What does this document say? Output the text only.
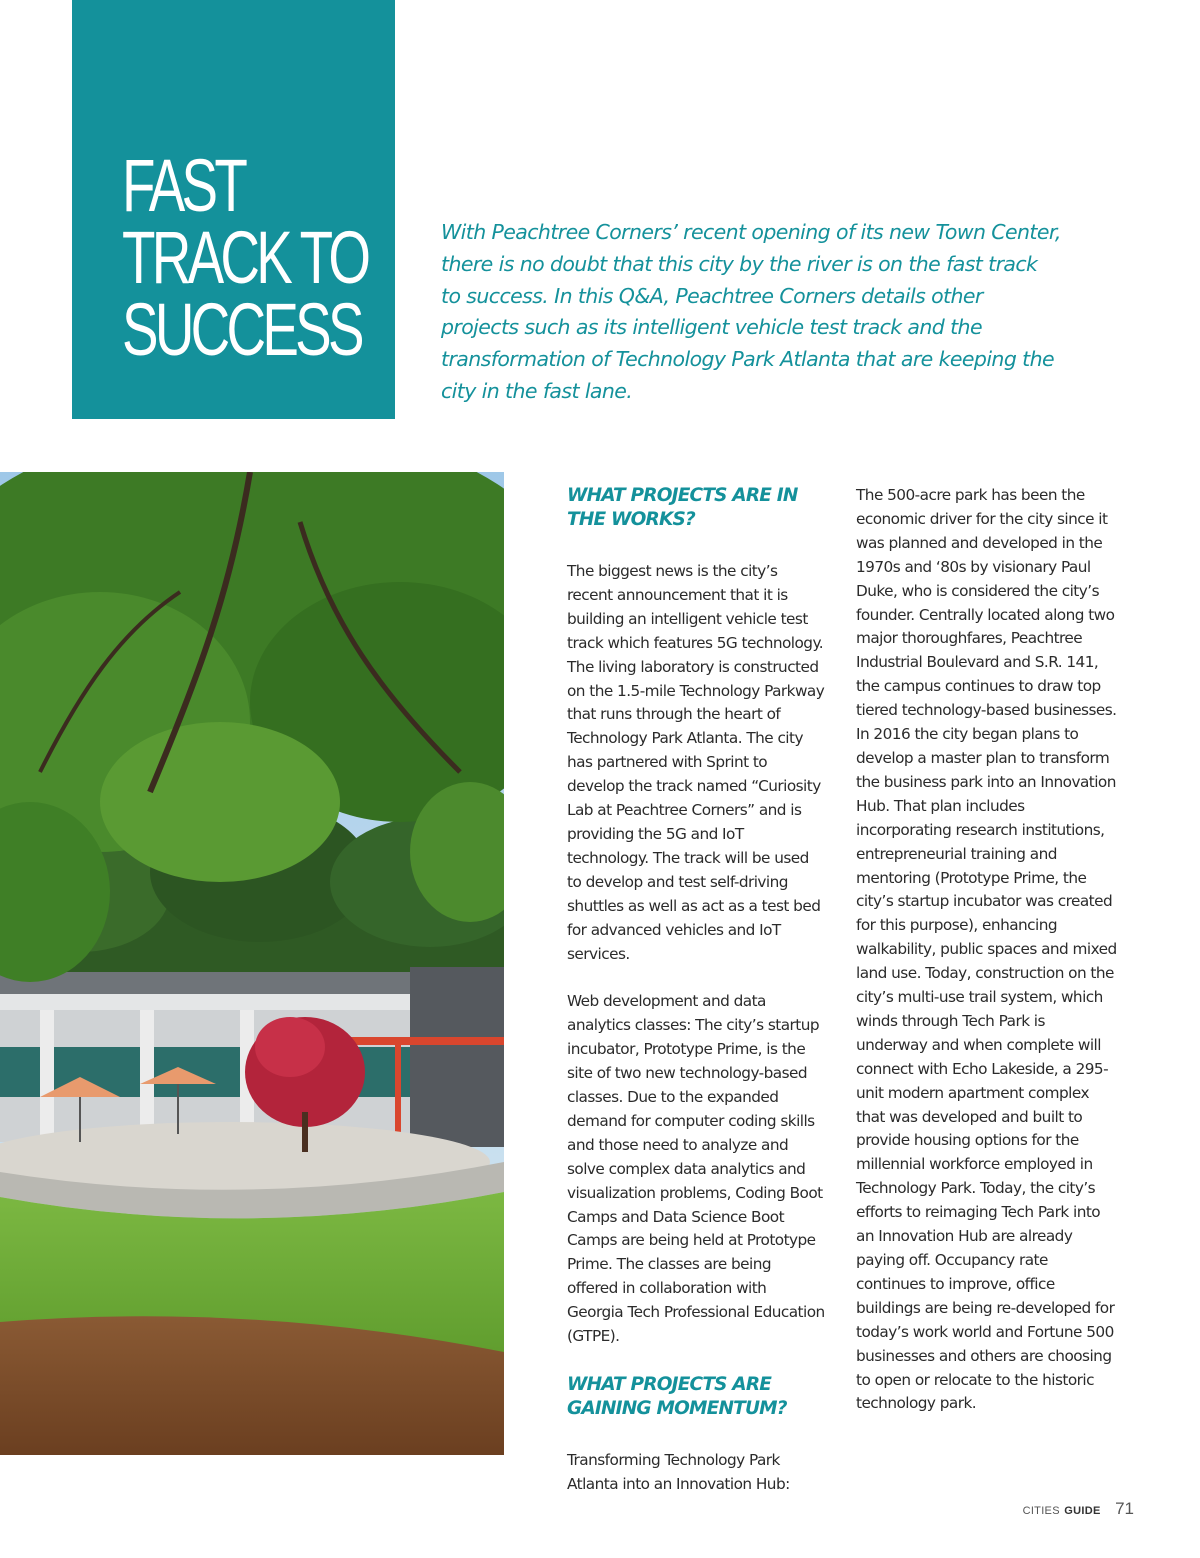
FAST
TRACK TO
SUCCESS

With Peachtree Corners’ recent opening of its new Town Center, there is no doubt that this city by the river is on the fast track to success. In this Q&A, Peachtree Corners details other projects such as its intelligent vehicle test track and the transformation of Technology Park Atlanta that are keeping the city in the fast lane.

WHAT PROJECTS ARE IN THE WORKS?

The biggest news is the city’s recent announcement that it is building an intelligent vehicle test track which features 5G technology. The living laboratory is constructed on the 1.5-mile Technology Parkway that runs through the heart of Technology Park Atlanta. The city has partnered with Sprint to develop the track named “Curiosity Lab at Peachtree Corners” and is providing the 5G and IoT technology. The track will be used to develop and test self-driving shuttles as well as act as a test bed for advanced vehicles and IoT services.

Web development and data analytics classes: The city’s startup incubator, Prototype Prime, is the site of two new technology-based classes. Due to the expanded demand for computer coding skills and those need to analyze and solve complex data analytics and visualization problems, Coding Boot Camps and Data Science Boot Camps are being held at Prototype Prime. The classes are being offered in collaboration with Georgia Tech Professional Education (GTPE).

WHAT PROJECTS ARE GAINING MOMENTUM?

Transforming Technology Park Atlanta into an Innovation Hub:

The 500-acre park has been the economic driver for the city since it was planned and developed in the 1970s and ‘80s by visionary Paul Duke, who is considered the city’s founder. Centrally located along two major thoroughfares, Peachtree Industrial Boulevard and S.R. 141, the campus continues to draw top tiered technology-based businesses. In 2016 the city began plans to develop a master plan to transform the business park into an Innovation Hub. That plan includes incorporating research institutions, entrepreneurial training and mentoring (Prototype Prime, the city’s startup incubator was created for this purpose), enhancing walkability, public spaces and mixed land use. Today, construction on the city’s multi-use trail system, which winds through Tech Park is underway and when complete will connect with Echo Lakeside, a 295-unit modern apartment complex that was developed and built to provide housing options for the millennial workforce employed in Technology Park. Today, the city’s efforts to reimaging Tech Park into an Innovation Hub are already paying off. Occupancy rate continues to improve, office buildings are being re-developed for today’s work world and Fortune 500 businesses and others are choosing to open or relocate to the historic technology park.

CITIES GUIDE 71
